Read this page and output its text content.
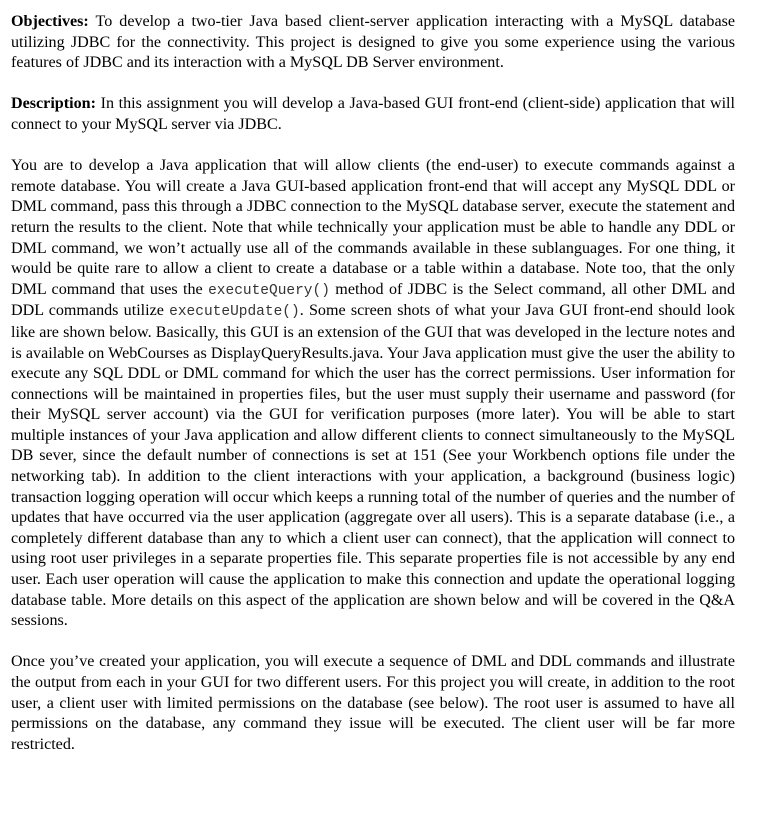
Objectives: To develop a two-tier Java based client-server application interacting with a MySQL database utilizing JDBC for the connectivity. This project is designed to give you some experience using the various features of JDBC and its interaction with a MySQL DB Server environment.

Description: In this assignment you will develop a Java-based GUI front-end (client-side) application that will connect to your MySQL server via JDBC.

You are to develop a Java application that will allow clients (the end-user) to execute commands against a remote database. You will create a Java GUI-based application front-end that will accept any MySQL DDL or DML command, pass this through a JDBC connection to the MySQL database server, execute the statement and return the results to the client. Note that while technically your application must be able to handle any DDL or DML command, we won’t actually use all of the commands available in these sublanguages. For one thing, it would be quite rare to allow a client to create a database or a table within a database. Note too, that the only DML command that uses the executeQuery() method of JDBC is the Select command, all other DML and DDL commands utilize executeUpdate(). Some screen shots of what your Java GUI front-end should look like are shown below. Basically, this GUI is an extension of the GUI that was developed in the lecture notes and is available on WebCourses as DisplayQueryResults.java. Your Java application must give the user the ability to execute any SQL DDL or DML command for which the user has the correct permissions. User information for connections will be maintained in properties files, but the user must supply their username and password (for their MySQL server account) via the GUI for verification purposes (more later). You will be able to start multiple instances of your Java application and allow different clients to connect simultaneously to the MySQL DB sever, since the default number of connections is set at 151 (See your Workbench options file under the networking tab). In addition to the client interactions with your application, a background (business logic) transaction logging operation will occur which keeps a running total of the number of queries and the number of updates that have occurred via the user application (aggregate over all users). This is a separate database (i.e., a completely different database than any to which a client user can connect), that the application will connect to using root user privileges in a separate properties file. This separate properties file is not accessible by any end user. Each user operation will cause the application to make this connection and update the operational logging database table. More details on this aspect of the application are shown below and will be covered in the Q&A sessions.

Once you’ve created your application, you will execute a sequence of DML and DDL commands and illustrate the output from each in your GUI for two different users. For this project you will create, in addition to the root user, a client user with limited permissions on the database (see below). The root user is assumed to have all permissions on the database, any command they issue will be executed. The client user will be far more restricted.
